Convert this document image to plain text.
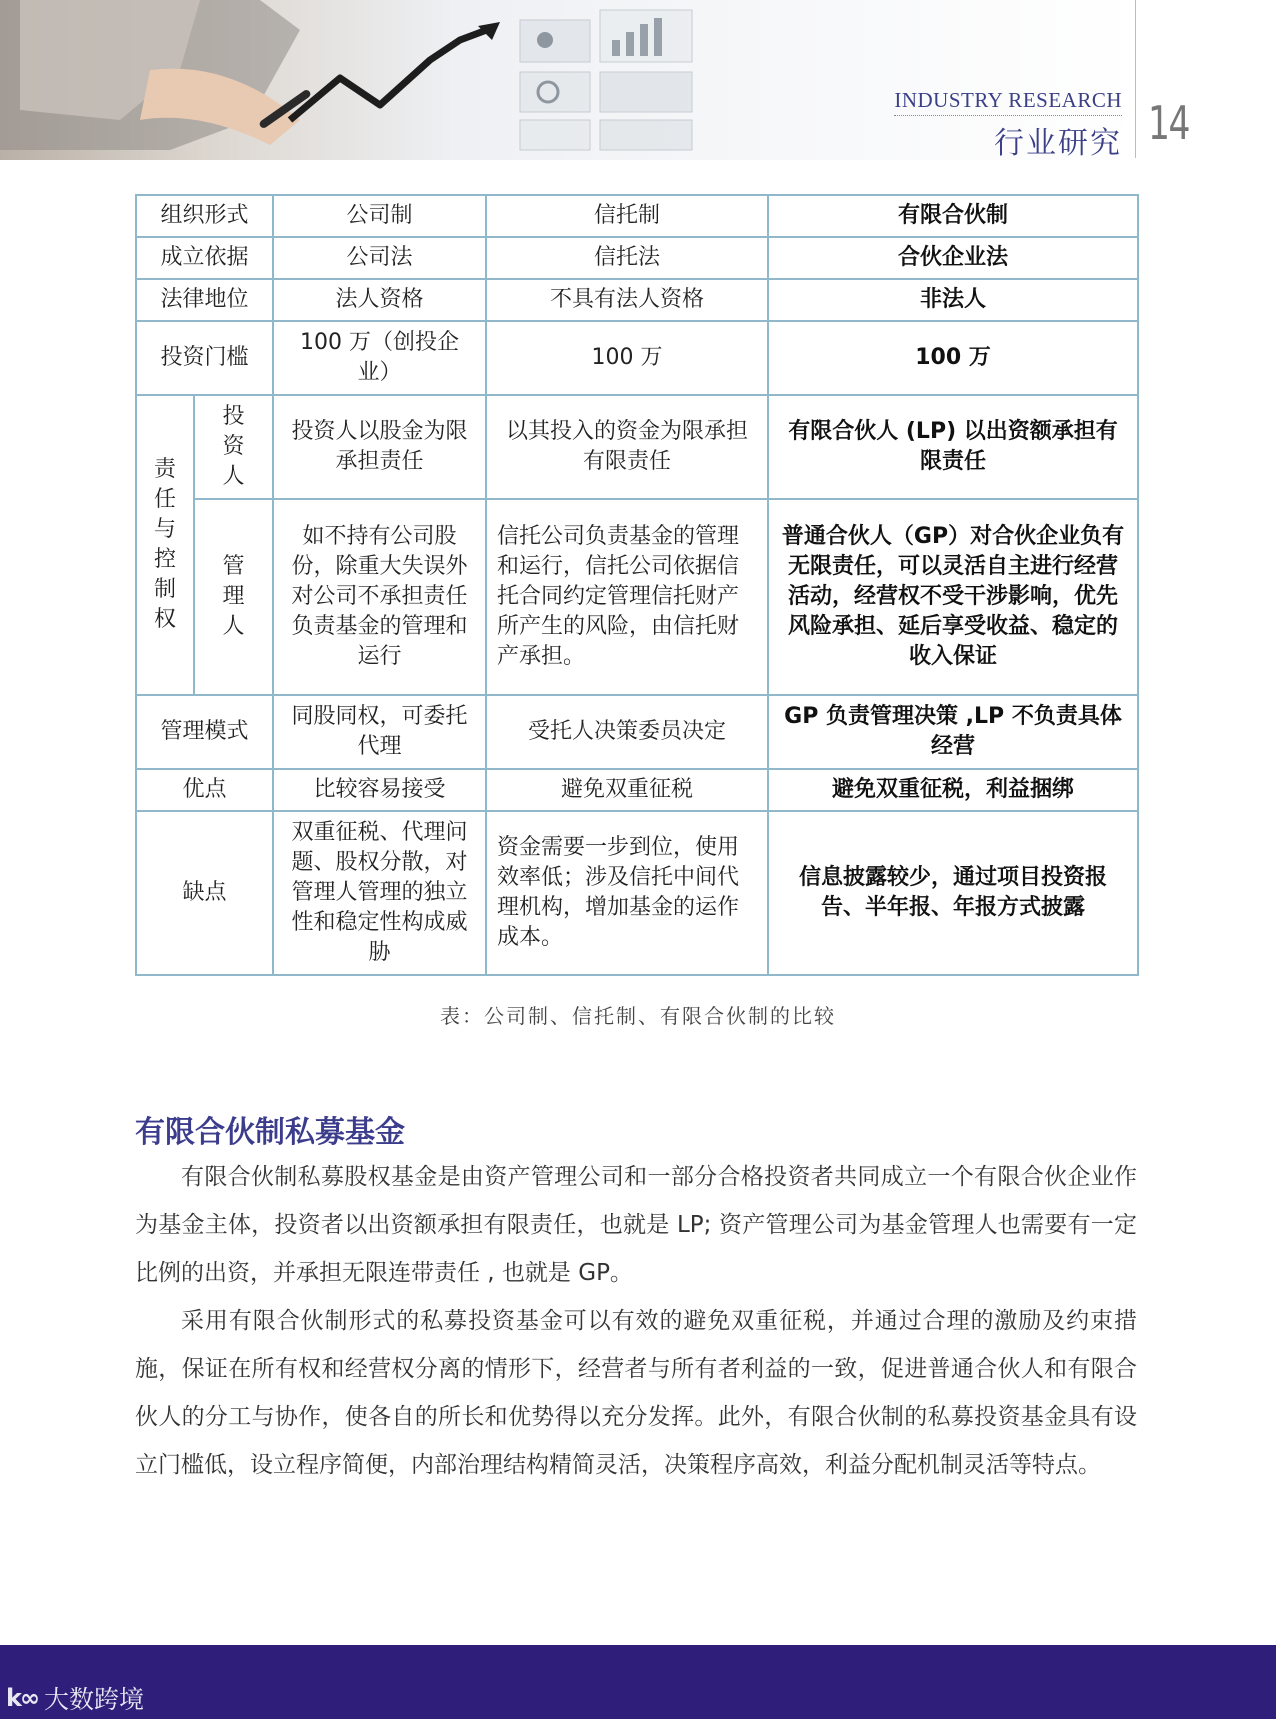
INDUSTRY RESEARCH
行业研究 14
组织形式		公司制	信托制	有限合伙制
成立依据		公司法	信托法	合伙企业法
法律地位		法人资格	不具有法人资格	非法人
投资门槛		100 万（创投企业）	100 万	100 万

责任与控制权	投资人	投资人以股金为限承担责任	以其投入的资金为限承担有限责任	有限合伙人 (LP) 以出资额承担有限责任

	管理人	如不持有公司股份，除重大失误外对公司不承担责任负责基金的管理和运行	信托公司负责基金的管理和运行，信托公司依据信托合同约定管理信托财产所产生的风险，由信托财产承担。	普通合伙人（GP）对合伙企业负有无限责任，可以灵活自主进行经营活动，经营权不受干涉影响，优先风险承担、延后享受收益、稳定的收入保证
管理模式		同股同权，可委托代理	受托人决策委员决定	GP 负责管理决策 ,LP 不负责具体经营
优点		比较容易接受	避免双重征税	避免双重征税，利益捆绑
缺点		双重征税、代理问题、股权分散，对管理人管理的独立性和稳定性构成威胁	资金需要一步到位，使用效率低；涉及信托中间代理机构，增加基金的运作成本。	信息披露较少，通过项目投资报告、半年报、年报方式披露
表：公司制、信托制、有限合伙制的比较
有限合伙制私募基金

有限合伙制私募股权基金是由资产管理公司和一部分合格投资者共同成立一个有限合伙企业作为基金主体，投资者以出资额承担有限责任，也就是 LP; 资产管理公司为基金管理人也需要有一定比例的出资，并承担无限连带责任 , 也就是 GP。

采用有限合伙制形式的私募投资基金可以有效的避免双重征税，并通过合理的激励及约束措施，保证在所有权和经营权分离的情形下，经营者与所有者利益的一致，促进普通合伙人和有限合伙人的分工与协作，使各自的所长和优势得以充分发挥。此外，有限合伙制的私募投资基金具有设立门槛低，设立程序简便，内部治理结构精简灵活，决策程序高效，利益分配机制灵活等特点。

k∞ 大数跨境
